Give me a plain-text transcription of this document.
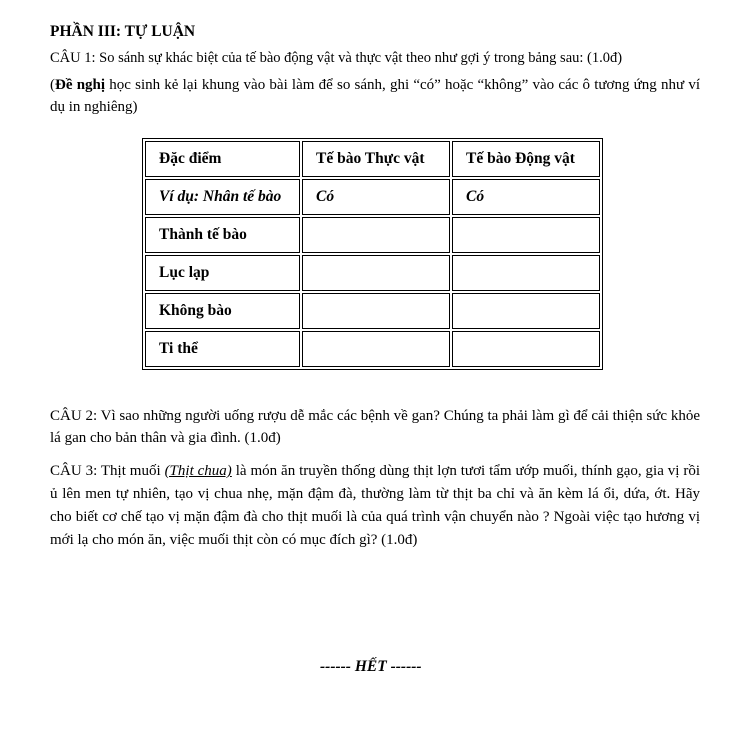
PHẦN III: TỰ LUẬN

CÂU 1: So sánh sự khác biệt của tế bào động vật và thực vật theo như gợi ý trong bảng sau: (1.0đ)

(Đề nghị học sinh kẻ lại khung vào bài làm để so sánh, ghi “có” hoặc “không” vào các ô tương ứng như ví dụ in nghiêng)

Đặc điểm	Tế bào Thực vật	Tế bào Động vật
Ví dụ: Nhân tế bào	Có	Có
Thành tế bào		
Lục lạp		
Không bào		
Ti thể		

CÂU 2: Vì sao những người uống rượu dễ mắc các bệnh về gan? Chúng ta phải làm gì để cải thiện sức khỏe lá gan cho bản thân và gia đình. (1.0đ)

CÂU 3: Thịt muối (Thịt chua) là món ăn truyền thống dùng thịt lợn tươi tẩm ướp muối, thính gạo, gia vị rồi ủ lên men tự nhiên, tạo vị chua nhẹ, mặn đậm đà, thường làm từ thịt ba chỉ và ăn kèm lá ổi, dứa, ớt. Hãy cho biết cơ chế tạo vị mặn đậm đà cho thịt muối là của quá trình vận chuyển nào ? Ngoài việc tạo hương vị mới lạ cho món ăn, việc muối thịt còn có mục đích gì? (1.0đ)

------ HẾT ------
